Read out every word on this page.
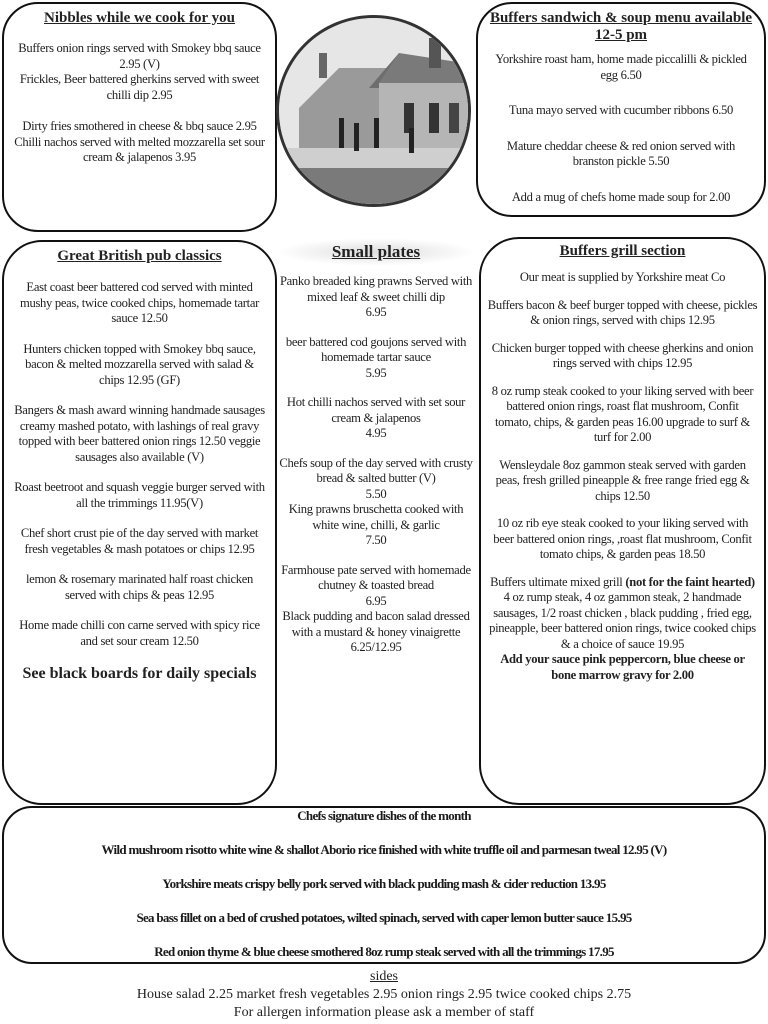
Nibbles while we cook for you

Buffers onion rings served with Smokey bbq sauce 2.95 (V)

Frickles, Beer battered gherkins served with sweet chilli dip 2.95

Dirty fries smothered in cheese & bbq sauce 2.95

Chilli nachos served with melted mozzarella set sour cream & jalapenos 3.95

Buffers sandwich & soup menu available 12-5 pm

Yorkshire roast ham, home made piccalilli & pickled egg 6.50

Tuna mayo served with cucumber ribbons 6.50

Mature cheddar cheese & red onion served with branston pickle 5.50

Add a mug of chefs home made soup for 2.00

Great British pub classics

East coast beer battered cod served with minted mushy peas, twice cooked chips, homemade tartar sauce 12.50

Hunters chicken topped with Smokey bbq sauce, bacon & melted mozzarella served with salad & chips 12.95 (GF)

Bangers & mash award winning handmade sausages creamy mashed potato, with lashings of real gravy topped with beer battered onion rings 12.50 veggie sausages also available (V)

Roast beetroot and squash veggie burger served with all the trimmings 11.95(V)

Chef short crust pie of the day served with market fresh vegetables & mash potatoes or chips 12.95

lemon & rosemary marinated half roast chicken served with chips & peas 12.95

Home made chilli con carne served with spicy rice and set sour cream 12.50

See black boards for daily specials

Small plates

Panko breaded king prawns Served with mixed leaf & sweet chilli dip

6.95

beer battered cod goujons served with homemade tartar sauce

5.95

Hot chilli nachos served with set sour cream & jalapenos

4.95

Chefs soup of the day served with crusty bread & salted butter (V)

5.50

King prawns bruschetta cooked with white wine, chilli, & garlic

7.50

Farmhouse pate served with homemade chutney & toasted bread

6.95

Black pudding and bacon salad dressed with a mustard & honey vinaigrette

6.25/12.95

Buffers grill section

Our meat is supplied by Yorkshire meat Co

Buffers bacon & beef burger topped with cheese, pickles & onion rings, served with chips 12.95

Chicken burger topped with cheese gherkins and onion rings served with chips 12.95

8 oz rump steak cooked to your liking served with beer battered onion rings, roast flat mushroom, Confit tomato, chips, & garden peas 16.00 upgrade to surf & turf for 2.00

Wensleydale 8oz gammon steak served with garden peas, fresh grilled pineapple & free range fried egg & chips 12.50

10 oz rib eye steak cooked to your liking served with beer battered onion rings, ,roast flat mushroom, Confit tomato chips, & garden peas 18.50

Buffers ultimate mixed grill (not for the faint hearted) 4 oz rump steak, 4 oz gammon steak, 2 handmade sausages, 1/2 roast chicken , black pudding , fried egg, pineapple, beer battered onion rings, twice cooked chips & a choice of sauce 19.95

Add your sauce pink peppercorn, blue cheese or bone marrow gravy for 2.00

Chefs signature dishes of the month

Wild mushroom risotto white wine & shallot Aborio rice finished with white truffle oil and parmesan tweal 12.95 (V)

Yorkshire meats crispy belly pork served with black pudding mash & cider reduction 13.95

Sea bass fillet on a bed of crushed potatoes, wilted spinach, served with caper lemon butter sauce 15.95

Red onion thyme & blue cheese smothered 8oz rump steak served with all the trimmings 17.95

sides
House salad 2.25 market fresh vegetables 2.95 onion rings 2.95 twice cooked chips 2.75
For allergen information please ask a member of staff
